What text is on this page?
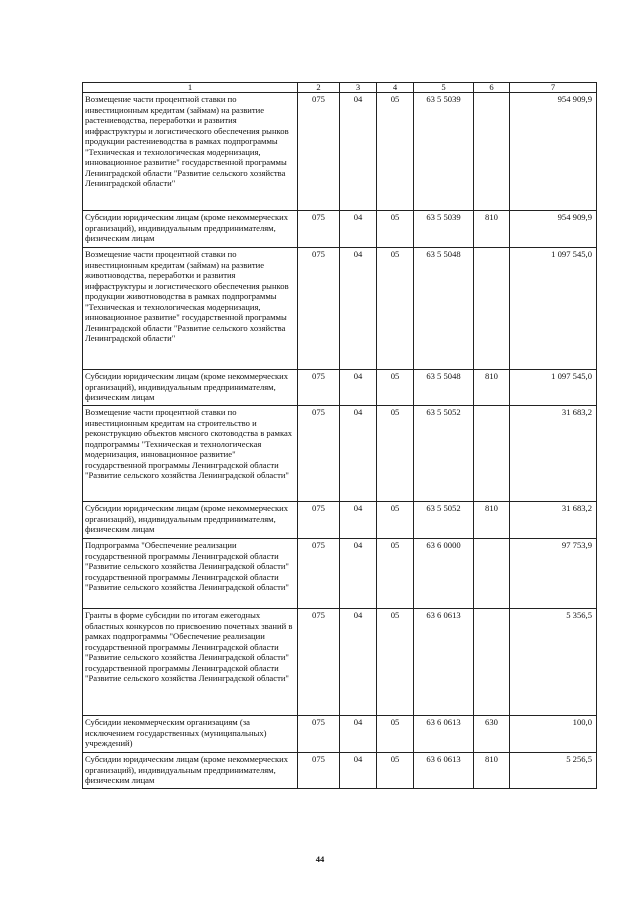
1	2	3	4	5	6	7
Возмещение части процентной ставки по инвестиционным кредитам (займам) на развитие растениеводства, переработки и развития инфраструктуры и логистического обеспечения рынков продукции растениеводства в рамках подпрограммы "Техническая и технологическая модернизация, инновационное развитие" государственной программы Ленинградской области "Развитие сельского хозяйства Ленинградской области"	075	04	05	63 5 5039		954 909,9
Субсидии юридическим лицам (кроме некоммерческих организаций), индивидуальным предпринимателям, физическим лицам	075	04	05	63 5 5039	810	954 909,9
Возмещение части процентной ставки по инвестиционным кредитам (займам) на развитие животноводства, переработки и развития инфраструктуры и логистического обеспечения рынков продукции животноводства в рамках подпрограммы "Техническая и технологическая модернизация, инновационное развитие" государственной программы Ленинградской области "Развитие сельского хозяйства Ленинградской области"	075	04	05	63 5 5048		1 097 545,0
Субсидии юридическим лицам (кроме некоммерческих организаций), индивидуальным предпринимателям, физическим лицам	075	04	05	63 5 5048	810	1 097 545,0
Возмещение части процентной ставки по инвестиционным кредитам на строительство и реконструкцию объектов мясного скотоводства в рамках подпрограммы "Техническая и технологическая модернизация, инновационное развитие" государственной программы Ленинградской области "Развитие сельского хозяйства Ленинградской области"	075	04	05	63 5 5052		31 683,2
Субсидии юридическим лицам (кроме некоммерческих организаций), индивидуальным предпринимателям, физическим лицам	075	04	05	63 5 5052	810	31 683,2
Подпрограмма "Обеспечение реализации государственной программы Ленинградской области "Развитие сельского хозяйства Ленинградской области" государственной программы Ленинградской области "Развитие сельского хозяйства Ленинградской области"	075	04	05	63 6 0000		97 753,9
Гранты в форме субсидии по итогам ежегодных областных конкурсов по присвоению почетных званий в рамках подпрограммы "Обеспечение реализации государственной программы Ленинградской области "Развитие сельского хозяйства Ленинградской области" государственной программы Ленинградской области "Развитие сельского хозяйства Ленинградской области"	075	04	05	63 6 0613		5 356,5
Субсидии некоммерческим организациям (за исключением государственных (муниципальных) учреждений)	075	04	05	63 6 0613	630	100,0
Субсидии юридическим лицам (кроме некоммерческих организаций), индивидуальным предпринимателям, физическим лицам	075	04	05	63 6 0613	810	5 256,5
44
